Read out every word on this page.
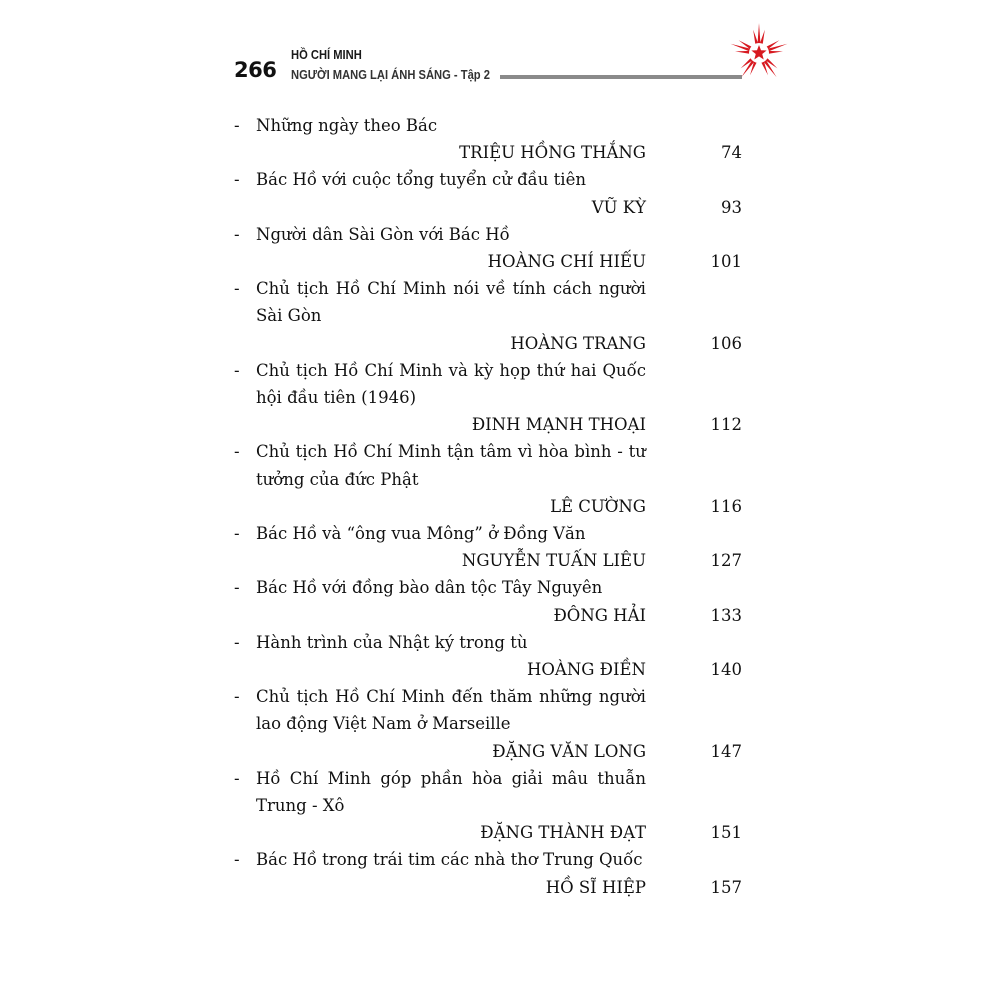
266
HỒ CHÍ MINH
NGƯỜI MANG LẠI ÁNH SÁNG - Tập 2
- Những ngày theo Bác
TRIỆU HỒNG THẮNG	74
- Bác Hồ với cuộc tổng tuyển cử đầu tiên
VŨ KỲ	93
- Người dân Sài Gòn với Bác Hồ
HOÀNG CHÍ HIẾU	101
- Chủ tịch Hồ Chí Minh nói về tính cách người
Sài Gòn
HOÀNG TRANG	106
- Chủ tịch Hồ Chí Minh và kỳ họp thứ hai Quốc
hội đầu tiên (1946)
ĐINH MẠNH THOẠI	112
- Chủ tịch Hồ Chí Minh tận tâm vì hòa bình - tư
tưởng của đức Phật
LÊ CƯỜNG	116
- Bác Hồ và “ông vua Mông” ở Đồng Văn
NGUYỄN TUẤN LIÊU	127
- Bác Hồ với đồng bào dân tộc Tây Nguyên
ĐÔNG HẢI	133
- Hành trình của Nhật ký trong tù
HOÀNG ĐIỀN	140
- Chủ tịch Hồ Chí Minh đến thăm những người
lao động Việt Nam ở Marseille
ĐẶNG VĂN LONG	147
- Hồ Chí Minh góp phần hòa giải mâu thuẫn
Trung - Xô
ĐẶNG THÀNH ĐẠT	151
- Bác Hồ trong trái tim các nhà thơ Trung Quốc
HỒ SĨ HIỆP	157
